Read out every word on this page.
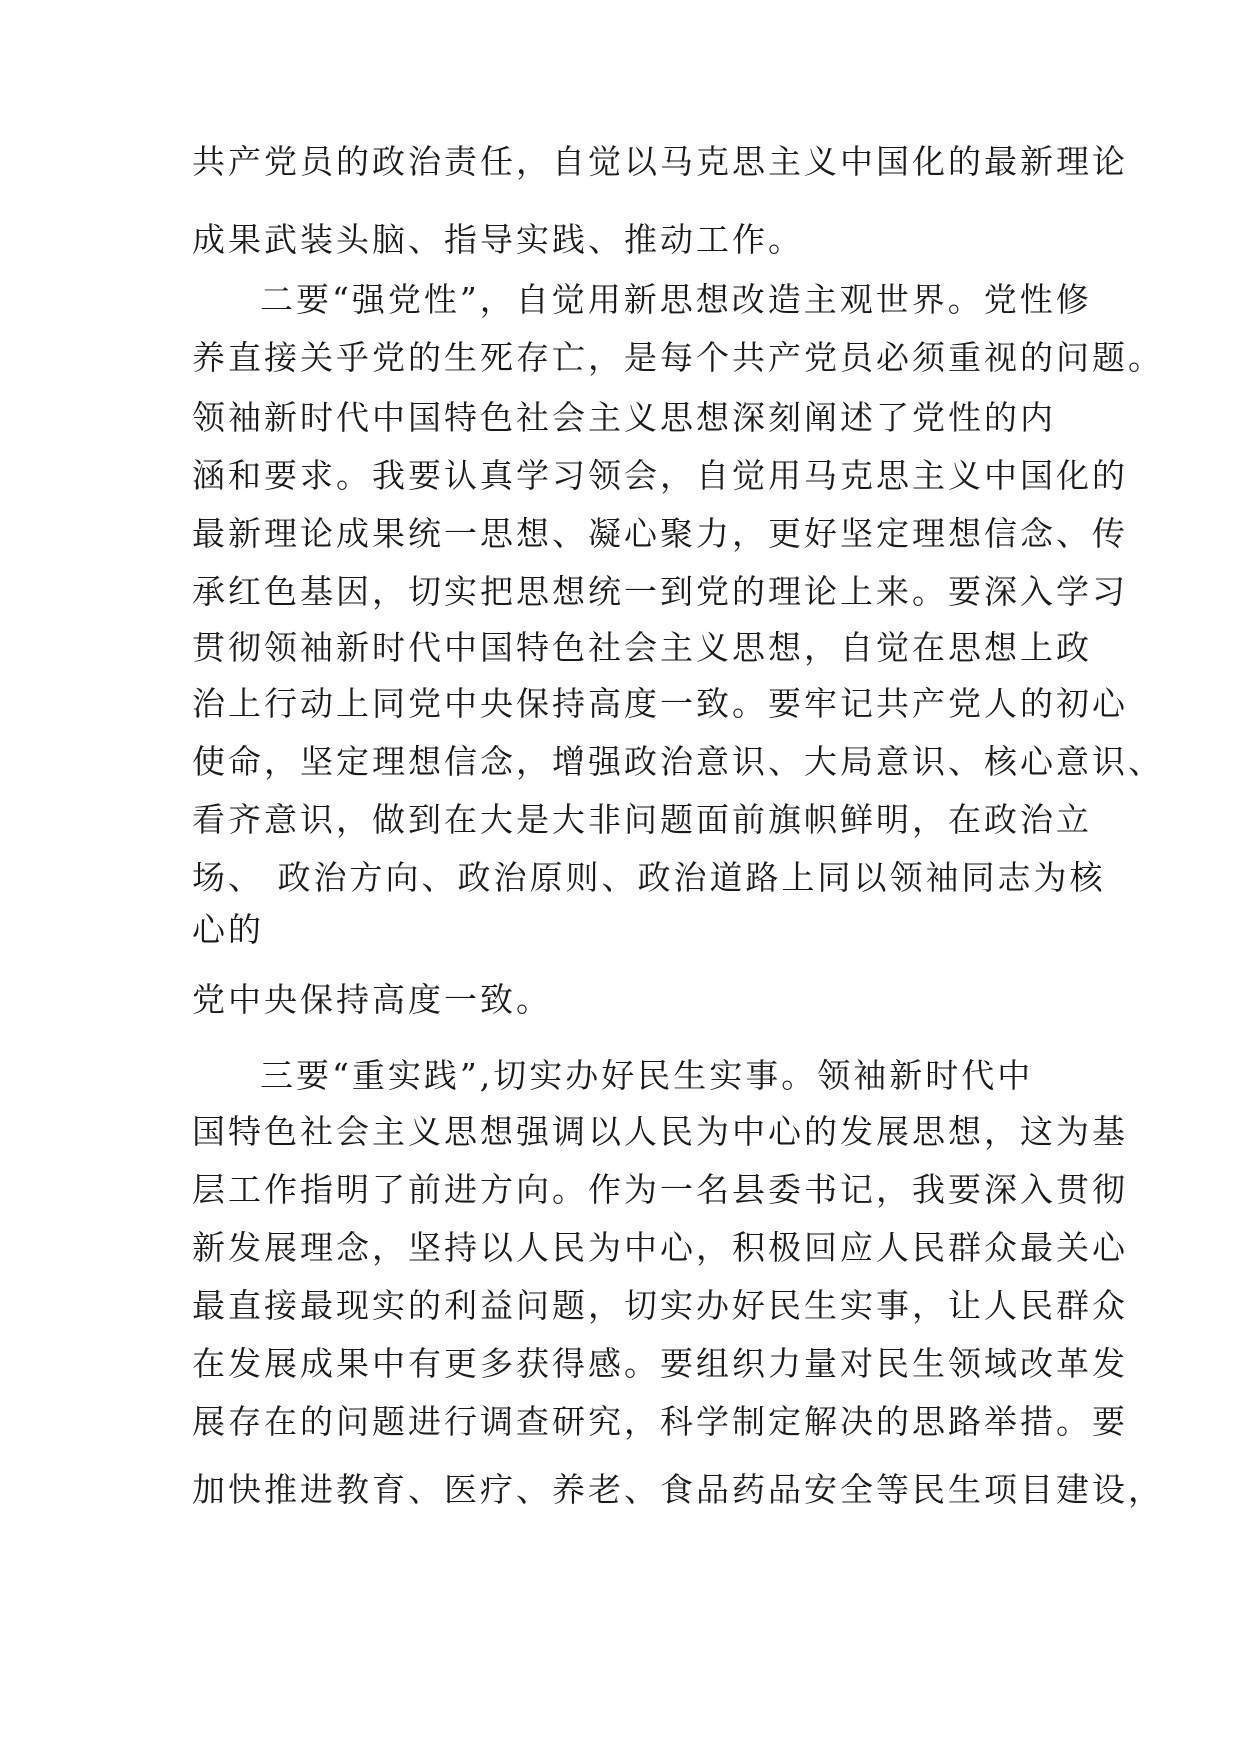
共产党员的政治责任，自觉以马克思主义中国化的最新理论
成果武装头脑、指导实践、推动工作。
二要“强党性”，自觉用新思想改造主观世界。党性修
养直接关乎党的生死存亡，是每个共产党员必须重视的问题。
领袖新时代中国特色社会主义思想深刻阐述了党性的内
涵和要求。我要认真学习领会，自觉用马克思主义中国化的
最新理论成果统一思想、凝心聚力，更好坚定理想信念、传
承红色基因，切实把思想统一到党的理论上来。要深入学习
贯彻领袖新时代中国特色社会主义思想，自觉在思想上政
治上行动上同党中央保持高度一致。要牢记共产党人的初心
使命，坚定理想信念，增强政治意识、大局意识、核心意识、
看齐意识，做到在大是大非问题面前旗帜鲜明，在政治立
场、 政治方向、政治原则、政治道路上同以领袖同志为核
心的
党中央保持高度一致。
三要“重实践”,切实办好民生实事。领袖新时代中
国特色社会主义思想强调以人民为中心的发展思想，这为基
层工作指明了前进方向。作为一名县委书记，我要深入贯彻
新发展理念，坚持以人民为中心，积极回应人民群众最关心
最直接最现实的利益问题，切实办好民生实事，让人民群众
在发展成果中有更多获得感。要组织力量对民生领域改革发
展存在的问题进行调查研究，科学制定解决的思路举措。要
加快推进教育、医疗、养老、食品药品安全等民生项目建设，
